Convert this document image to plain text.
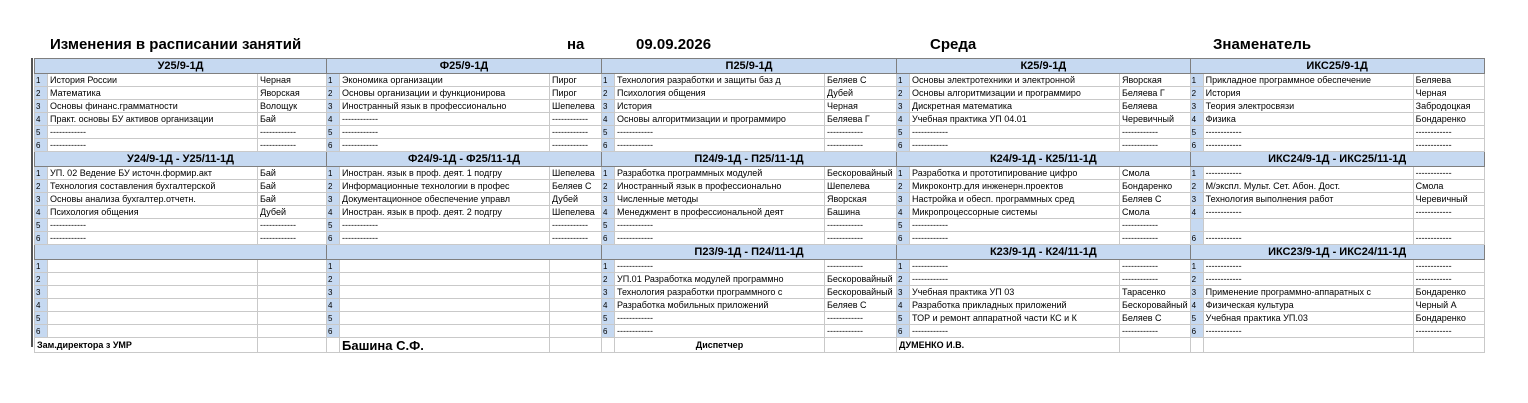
Изменения в расписании занятий	на	09.09.2026	Среда	Знаменатель
У25/9-1Д			Ф25/9-1Д			П25/9-1Д			К25/9-1Д			ИКС25/9-1Д		
1	История России	Черная	1	Экономика организации	Пирог	1	Технология разработки и защиты баз д	Беляев С	1	Основы электротехники и электронной	Яворская	1	Прикладное программное обеспечение	Беляева
2	Математика	Яворская	2	Основы организации и функционирова	Пирог	2	Психология общения	Дубей	2	Основы алгоритмизации и программиро	Беляева Г	2	История	Черная
3	Основы финанс.грамматности	Волощук	3	Иностранный язык в профессионально	Шепелева	3	История	Черная	3	Дискретная математика	Беляева	3	Теория электросвязи	Забродоцкая
4	Практ. основы БУ активов организации	Бай	4	------------	------------	4	Основы алгоритмизации и программиро	Беляева Г	4	Учебная практика УП 04.01	Черевичный	4	Физика	Бондаренко
5	------------	------------	5	------------	------------	5	------------	------------	5	------------	------------	5	------------	------------
6	------------	------------	6	------------	------------	6	------------	------------	6	------------	------------	6	------------	------------
У24/9-1Д - У25/11-1Д			Ф24/9-1Д - Ф25/11-1Д			П24/9-1Д - П25/11-1Д			К24/9-1Д - К25/11-1Д			ИКС24/9-1Д - ИКС25/11-1Д		
1	УП. 02 Ведение БУ источн.формир.акт	Бай	1	Иностран. язык в проф. деят. 1 подгру	Шепелева	1	Разработка программных модулей	Бескоровайный	1	Разработка и прототипирование цифро	Смола	1	------------	------------
2	Технология составления бухгалтерской	Бай	2	Информационные технологии в профес	Беляев С	2	Иностранный язык в профессионально	Шепелева	2	Микроконтр.для инженерн.проектов	Бондаренко	2	М/экспл. Мульт. Сет. Абон. Дост.	Смола
3	Основы анализа бухгалтер.отчетн.	Бай	3	Документационное обеспечение управл	Дубей	3	Численные методы	Яворская	3	Настройка и обесп. программных сред	Беляев С	3	Технология выполнения работ	Черевичный
4	Психология общения	Дубей	4	Иностран. язык в проф. деят. 2 подгру	Шепелева	4	Менеджмент в профессиональной деят	Башина	4	Микропроцессорные системы	Смола	4	------------	------------
5	------------	------------	5	------------	------------	5	------------	------------	5	------------	------------			
6	------------	------------	6	------------	------------	6	------------	------------	6	------------	------------	6	------------	------------
						П23/9-1Д - П24/11-1Д			К23/9-1Д - К24/11-1Д			ИКС23/9-1Д - ИКС24/11-1Д		
1			1			1	------------	------------	1	------------	------------	1	------------	------------
2			2			2	УП.01 Разработка модулей программно	Бескоровайный	2	------------	------------	2	------------	------------
3			3			3	Технология разработки программного с	Бескоровайный	3	Учебная практика УП 03	Тарасенко	3	Применение программно-аппаратных с	Бондаренко
4			4			4	Разработка мобильных приложений	Беляев С	4	Разработка прикладных приложений	Бескоровайный	4	Физическая культура	Черный А
5			5			5	------------	------------	5	ТОР и ремонт аппаратной части КС и К	Беляев С	5	Учебная практика УП.03	Бондаренко
6			6			6	------------	------------	6	------------	------------	6	------------	------------
Зам.директора з УМР				Башина С.Ф.			Диспетчер		ДУМЕНКО И.В.					
